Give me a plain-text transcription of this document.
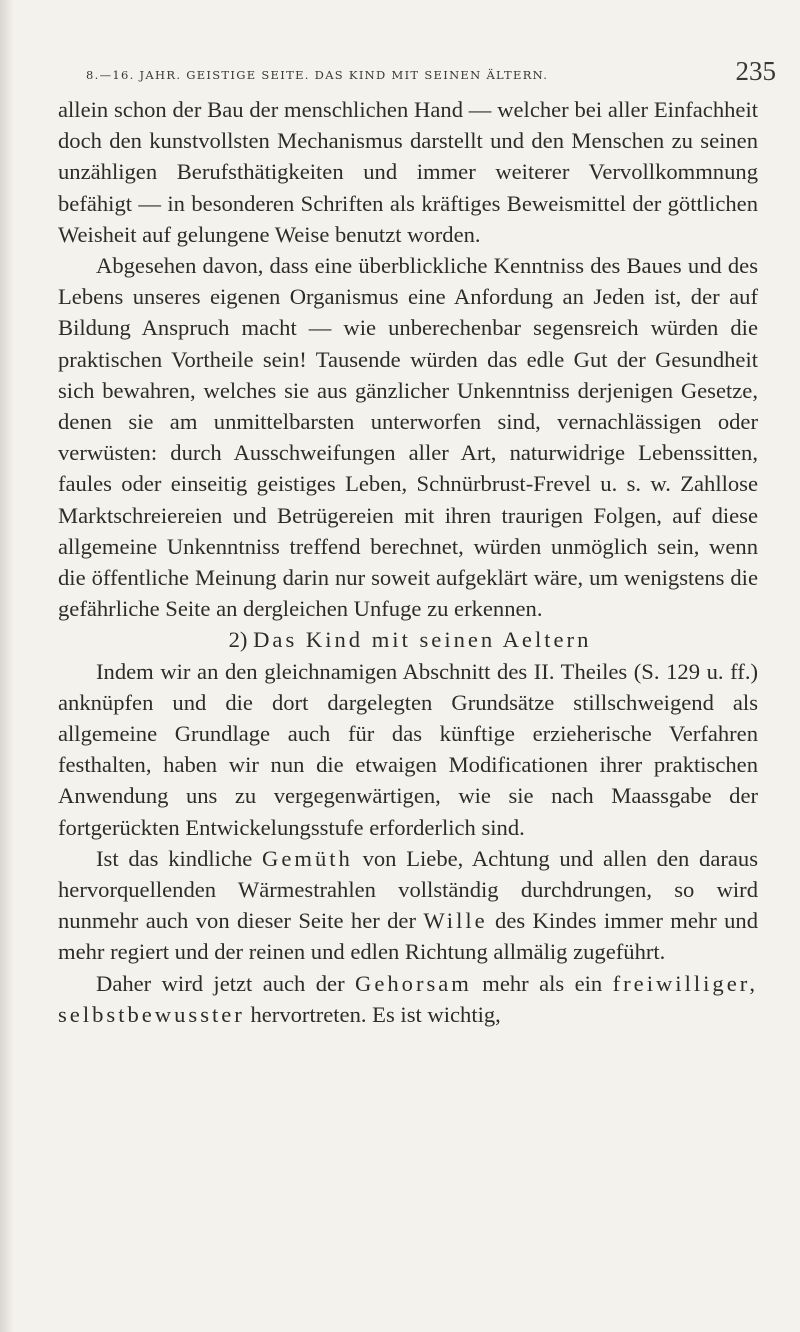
8.—16. JAHR. GEISTIGE SEITE. DAS KIND MIT SEINEN ÄLTERN.	235

allein schon der Bau der menschlichen Hand — welcher bei aller Einfachheit doch den kunstvollsten Mechanismus darstellt und den Menschen zu seinen unzähligen Berufsthätigkeiten und immer weiterer Vervollkommnung befähigt — in besonderen Schriften als kräftiges Beweismittel der göttlichen Weisheit auf gelungene Weise benutzt worden.

Abgesehen davon, dass eine überblickliche Kenntniss des Baues und des Lebens unseres eigenen Organismus eine Anfordung an Jeden ist, der auf Bildung Anspruch macht — wie unberechenbar segensreich würden die praktischen Vortheile sein! Tausende würden das edle Gut der Gesundheit sich bewahren, welches sie aus gänzlicher Unkenntniss derjenigen Gesetze, denen sie am unmittelbarsten unterworfen sind, vernachlässigen oder verwüsten: durch Ausschweifungen aller Art, naturwidrige Lebenssitten, faules oder einseitig geistiges Leben, Schnürbrust-Frevel u. s. w. Zahllose Marktschreiereien und Betrügereien mit ihren traurigen Folgen, auf diese allgemeine Unkenntniss treffend berechnet, würden unmöglich sein, wenn die öffentliche Meinung darin nur soweit aufgeklärt wäre, um wenigstens die gefährliche Seite an dergleichen Unfuge zu erkennen.

2) Das Kind mit seinen Aeltern

Indem wir an den gleichnamigen Abschnitt des II. Theiles (S. 129 u. ff.) anknüpfen und die dort dargelegten Grundsätze stillschweigend als allgemeine Grundlage auch für das künftige erzieherische Verfahren festhalten, haben wir nun die etwaigen Modificationen ihrer praktischen Anwendung uns zu vergegenwärtigen, wie sie nach Maassgabe der fortgerückten Entwickelungsstufe erforderlich sind.

Ist das kindliche Gemüth von Liebe, Achtung und allen den daraus hervorquellenden Wärmestrahlen vollständig durchdrungen, so wird nunmehr auch von dieser Seite her der Wille des Kindes immer mehr und mehr regiert und der reinen und edlen Richtung allmälig zugeführt.

Daher wird jetzt auch der Gehorsam mehr als ein freiwilliger, selbstbewusster hervortreten. Es ist wichtig,
